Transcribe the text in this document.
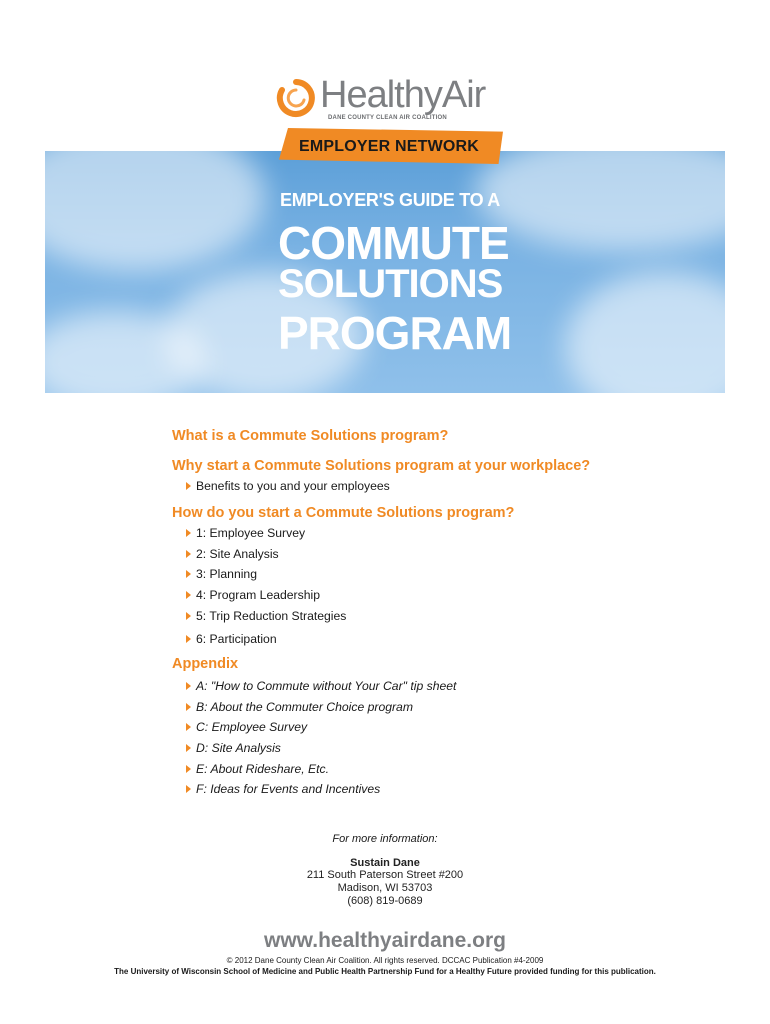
HealthyAir
DANE COUNTY CLEAN AIR COALITION
EMPLOYER NETWORK
EMPLOYER'S GUIDE TO A
COMMUTE
SOLUTIONS
PROGRAM
What is a Commute Solutions program?
Why start a Commute Solutions program at your workplace?
Benefits to you and your employees
How do you start a Commute Solutions program?
1: Employee Survey
2: Site Analysis
3: Planning
4: Program Leadership
5: Trip Reduction Strategies
6: Participation
Appendix
A: "How to Commute without Your Car" tip sheet
B: About the Commuter Choice program
C: Employee Survey
D: Site Analysis
E: About Rideshare, Etc.
F: Ideas for Events and Incentives
For more information:
Sustain Dane
211 South Paterson Street #200
Madison, WI 53703
(608) 819-0689
www.healthyairdane.org
© 2012 Dane County Clean Air Coalition. All rights reserved. DCCAC Publication #4-2009
The University of Wisconsin School of Medicine and Public Health Partnership Fund for a Healthy Future provided funding for this publication.
